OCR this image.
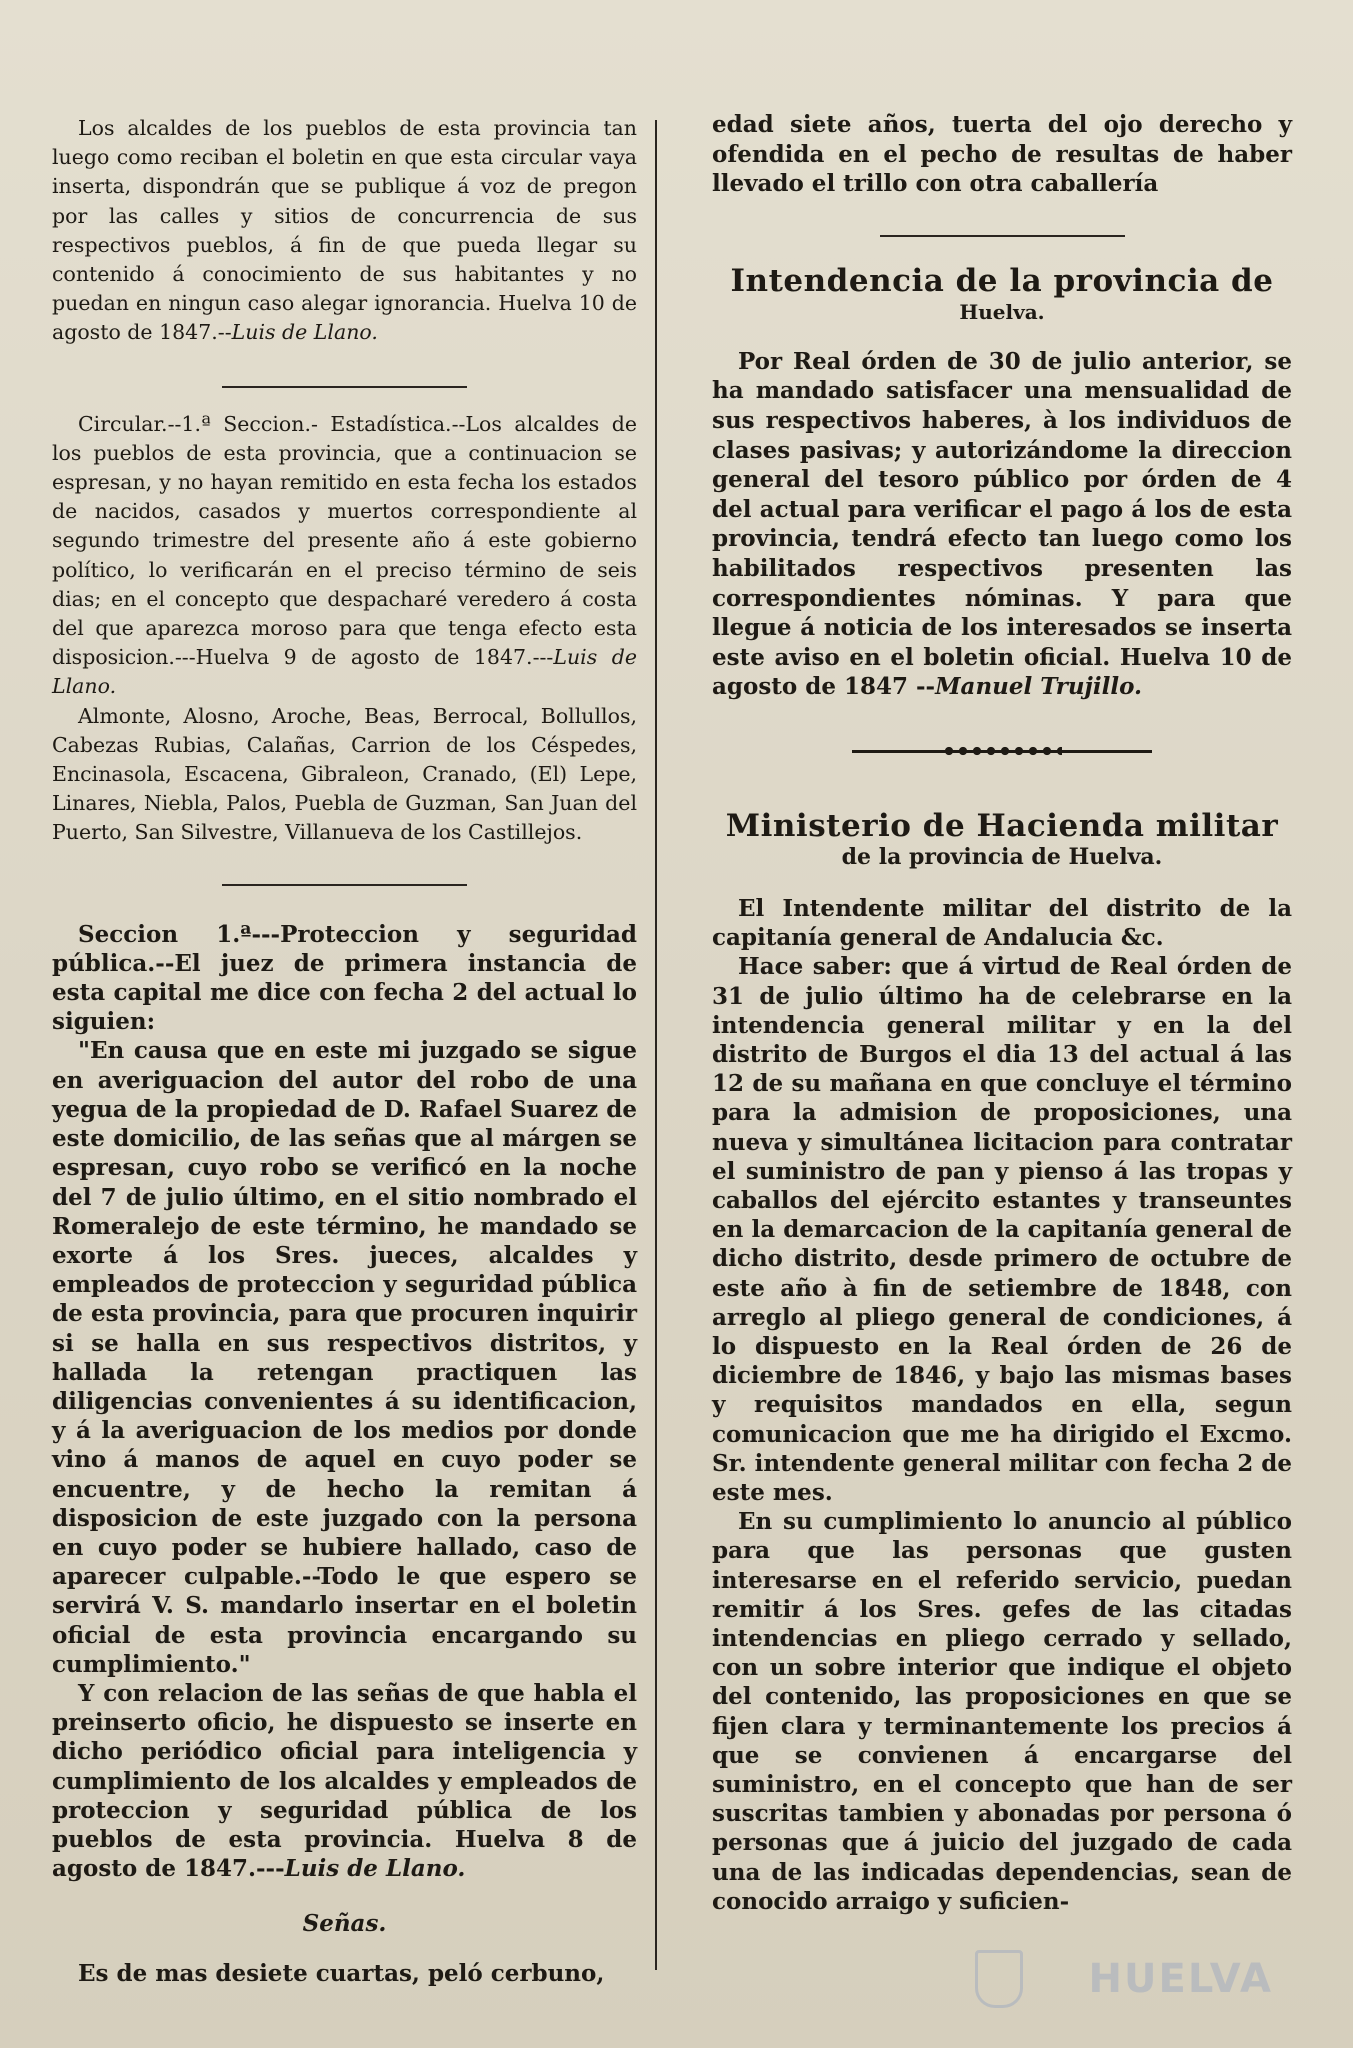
Los alcaldes de los pueblos de esta provincia tan luego como reciban el boletin en que esta circular vaya inserta, dispondrán que se publique á voz de pregon por las calles y sitios de concurrencia de sus respectivos pueblos, á fin de que pueda llegar su contenido á conocimiento de sus habitantes y no puedan en ningun caso alegar ignorancia. Huelva 10 de agosto de 1847.--Luis de Llano.

Circular.--1.ª Seccion.- Estadística.--Los alcaldes de los pueblos de esta provincia, que a continuacion se espresan, y no hayan remitido en esta fecha los estados de nacidos, casados y muertos correspondiente al segundo trimestre del presente año á este gobierno político, lo verificarán en el preciso término de seis dias; en el concepto que despacharé veredero á costa del que aparezca moroso para que tenga efecto esta disposicion.---Huelva 9 de agosto de 1847.---Luis de Llano.

Almonte, Alosno, Aroche, Beas, Berrocal, Bollullos, Cabezas Rubias, Calañas, Carrion de los Céspedes, Encinasola, Escacena, Gibraleon, Cranado, (El) Lepe, Linares, Niebla, Palos, Puebla de Guzman, San Juan del Puerto, San Silvestre, Villanueva de los Castillejos.

Seccion 1.ª---Proteccion y seguridad pública.--El juez de primera instancia de esta capital me dice con fecha 2 del actual lo siguien:

"En causa que en este mi juzgado se sigue en averiguacion del autor del robo de una yegua de la propiedad de D. Rafael Suarez de este domicilio, de las señas que al márgen se espresan, cuyo robo se verificó en la noche del 7 de julio último, en el sitio nombrado el Romeralejo de este término, he mandado se exorte á los Sres. jueces, alcaldes y empleados de proteccion y seguridad pública de esta provincia, para que procuren inquirir si se halla en sus respectivos distritos, y hallada la retengan practiquen las diligencias convenientes á su identificacion, y á la averiguacion de los medios por donde vino á manos de aquel en cuyo poder se encuentre, y de hecho la remitan á disposicion de este juzgado con la persona en cuyo poder se hubiere hallado, caso de aparecer culpable.--Todo le que espero se servirá V. S. mandarlo insertar en el boletin oficial de esta provincia encargando su cumplimiento."

Y con relacion de las señas de que habla el preinserto oficio, he dispuesto se inserte en dicho periódico oficial para inteligencia y cumplimiento de los alcaldes y empleados de proteccion y seguridad pública de los pueblos de esta provincia. Huelva 8 de agosto de 1847.---Luis de Llano.

Señas.

Es de mas desiete cuartas, peló cerbuno,

edad siete años, tuerta del ojo derecho y ofendida en el pecho de resultas de haber llevado el trillo con otra caballería

Intendencia de la provincia de
Huelva.

Por Real órden de 30 de julio anterior, se ha mandado satisfacer una mensualidad de sus respectivos haberes, à los individuos de clases pasivas; y autorizándome la direccion general del tesoro público por órden de 4 del actual para verificar el pago á los de esta provincia, tendrá efecto tan luego como los habilitados respectivos presenten las correspondientes nóminas. Y para que llegue á noticia de los interesados se inserta este aviso en el boletin oficial. Huelva 10 de agosto de 1847 --Manuel Trujillo.

Ministerio de Hacienda militar
de la provincia de Huelva.

El Intendente militar del distrito de la capitanía general de Andalucia &c.

Hace saber: que á virtud de Real órden de 31 de julio último ha de celebrarse en la intendencia general militar y en la del distrito de Burgos el dia 13 del actual á las 12 de su mañana en que concluye el término para la admision de proposiciones, una nueva y simultánea licitacion para contratar el suministro de pan y pienso á las tropas y caballos del ejército estantes y transeuntes en la demarcacion de la capitanía general de dicho distrito, desde primero de octubre de este año à fin de setiembre de 1848, con arreglo al pliego general de condiciones, á lo dispuesto en la Real órden de 26 de diciembre de 1846, y bajo las mismas bases y requisitos mandados en ella, segun comunicacion que me ha dirigido el Excmo. Sr. intendente general militar con fecha 2 de este mes.

En su cumplimiento lo anuncio al público para que las personas que gusten interesarse en el referido servicio, puedan remitir á los Sres. gefes de las citadas intendencias en pliego cerrado y sellado, con un sobre interior que indique el objeto del contenido, las proposiciones en que se fijen clara y terminantemente los precios á que se convienen á encargarse del suministro, en el concepto que han de ser suscritas tambien y abonadas por persona ó personas que á juicio del juzgado de cada una de las indicadas dependencias, sean de conocido arraigo y suficien-

HUELVA
